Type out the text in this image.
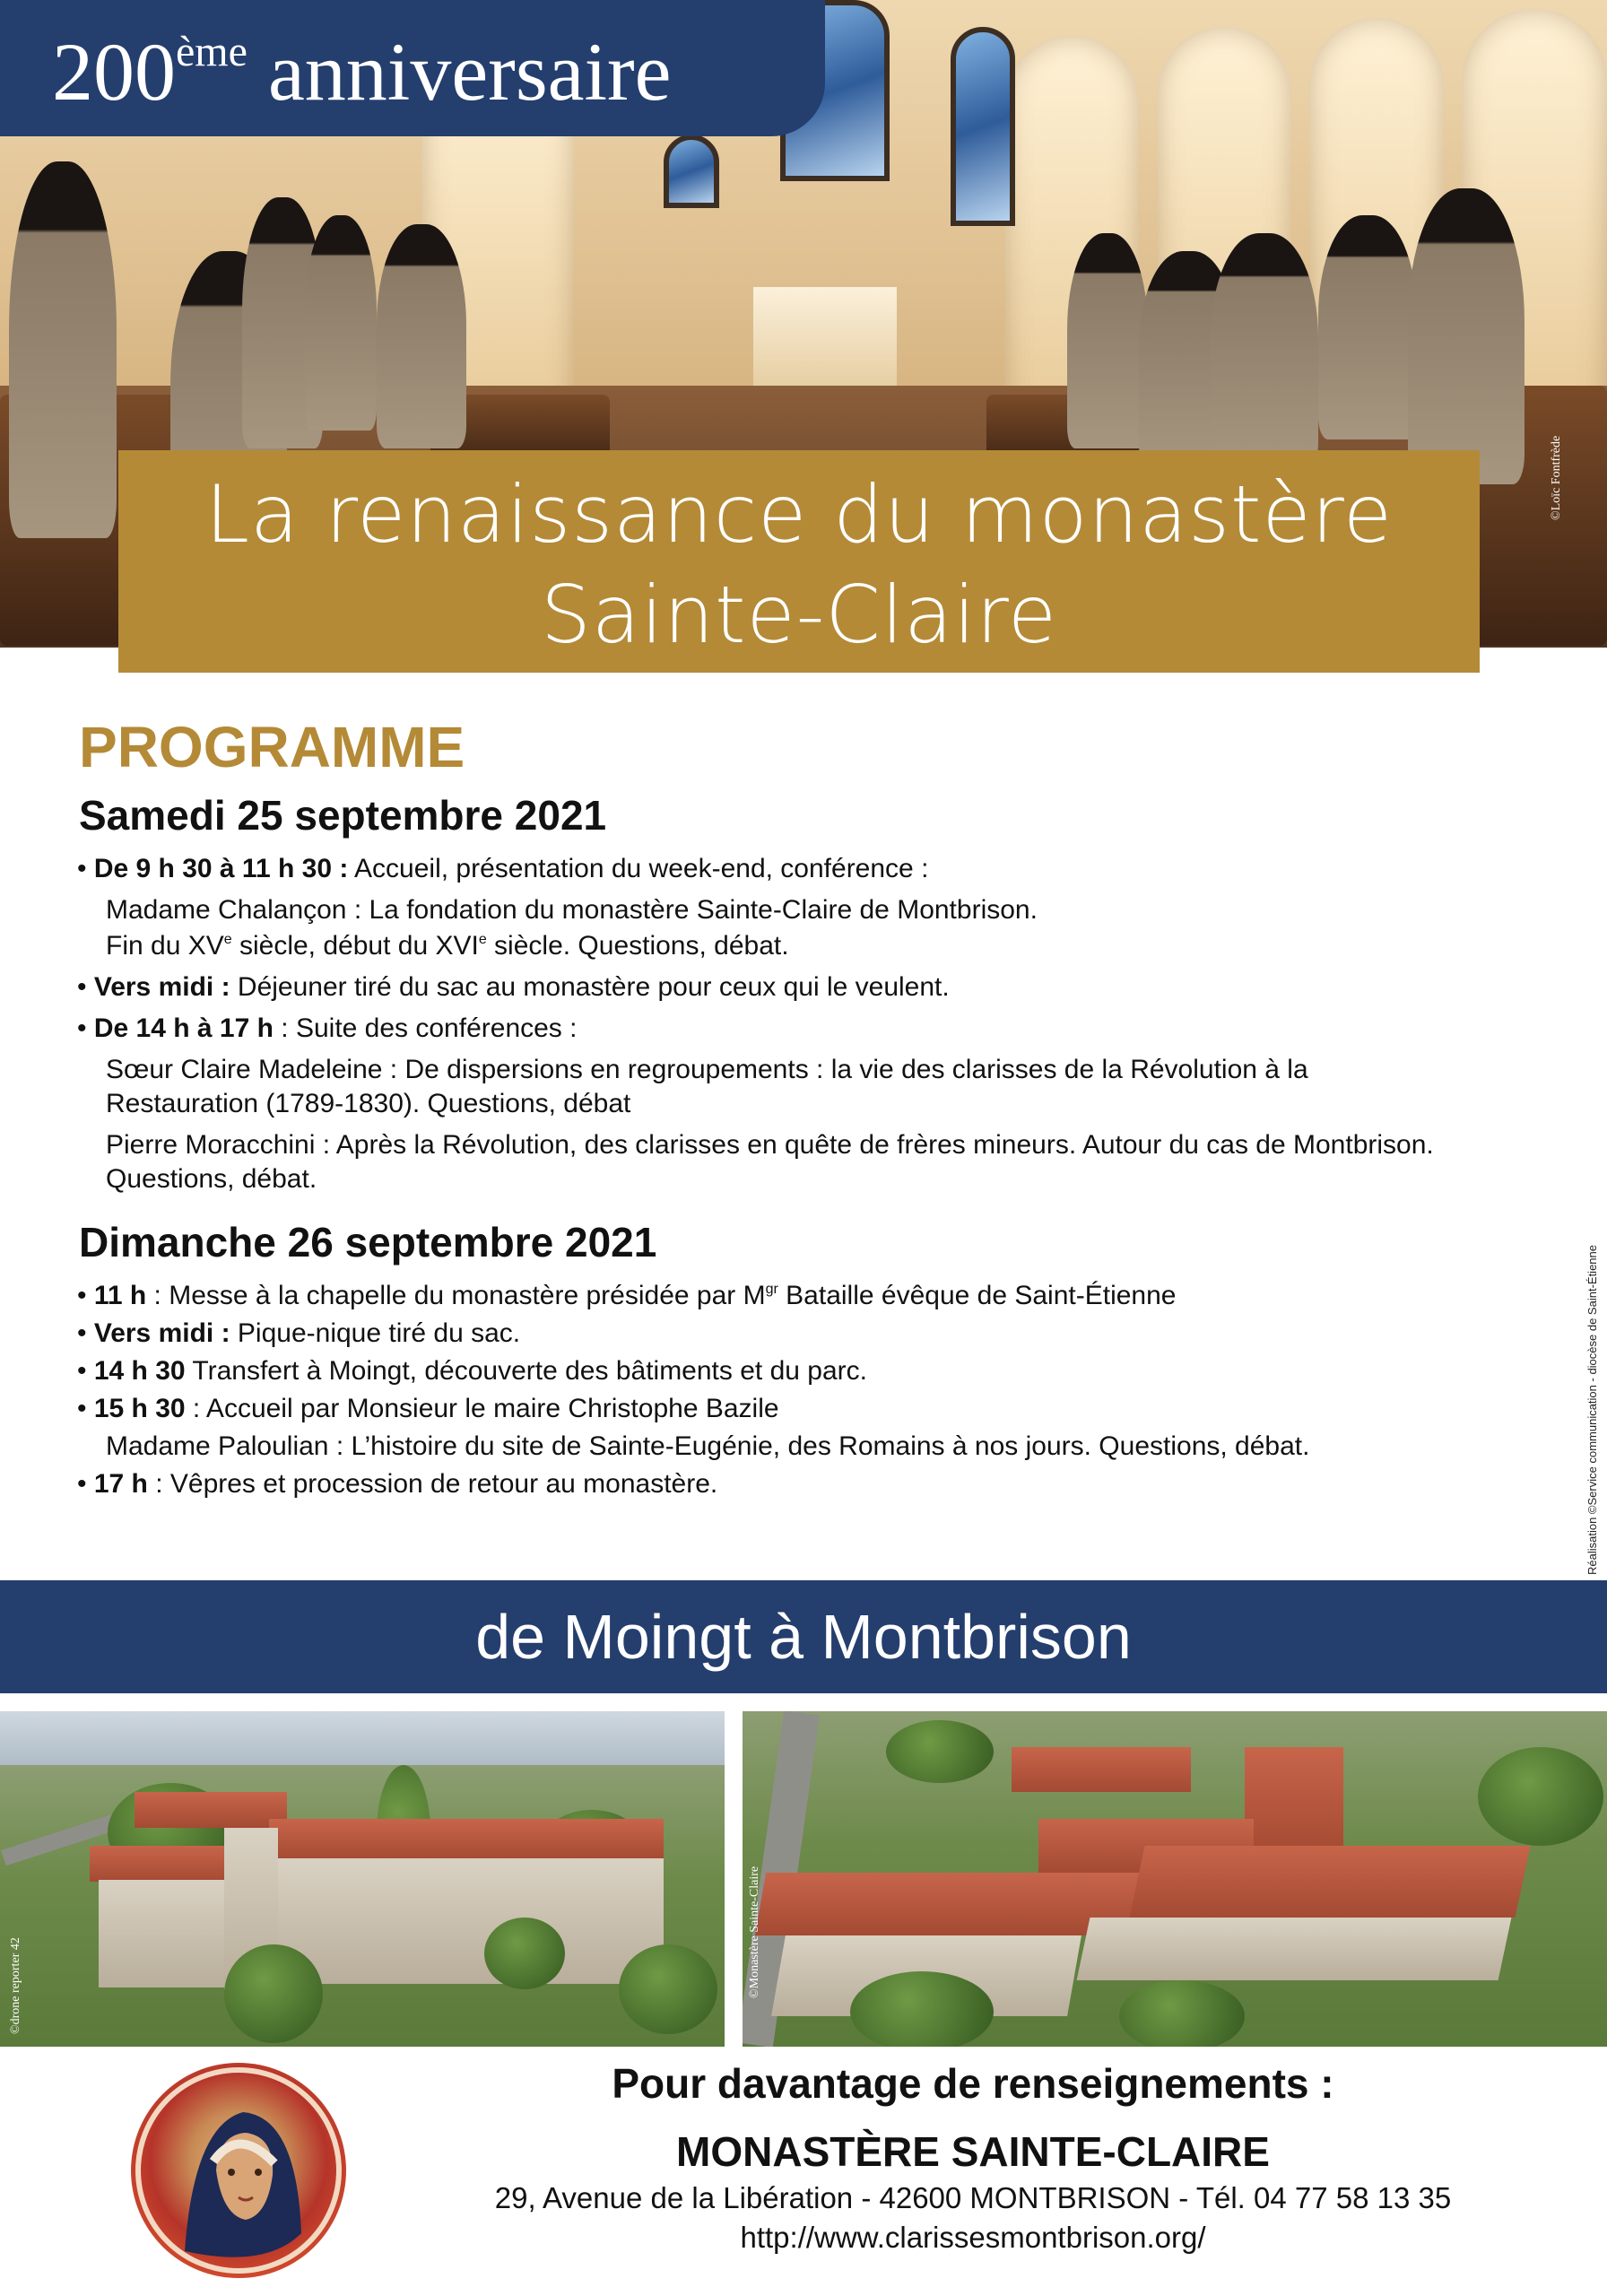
200ème anniversaire
La renaissance du monastère
Sainte-Claire
©Loïc Fontfrède
PROGRAMME
Samedi 25 septembre 2021
• De 9 h 30 à 11 h 30 : Accueil, présentation du week-end, conférence :
Madame Chalançon : La fondation du monastère Sainte-Claire de Montbrison.
Fin du XVe siècle, début du XVIe siècle. Questions, débat.
• Vers midi : Déjeuner tiré du sac au monastère pour ceux qui le veulent.
• De 14 h à 17 h : Suite des conférences :
Sœur Claire Madeleine : De dispersions en regroupements : la vie des clarisses de la Révolution à la
Restauration (1789-1830). Questions, débat
Pierre Moracchini : Après la Révolution, des clarisses en quête de frères mineurs. Autour du cas de Montbrison.
Questions, débat.
Dimanche 26 septembre 2021
• 11 h : Messe à la chapelle du monastère présidée par $M^{gr}$ Bataille évêque de Saint-Étienne
• Vers midi : Pique-nique tiré du sac.
• 14 h 30 Transfert à Moingt, découverte des bâtiments et du parc.
• 15 h 30 : Accueil par Monsieur le maire Christophe Bazile
Madame Paloulian : L’histoire du site de Sainte-Eugénie, des Romains à nos jours. Questions, débat.
• 17 h : Vêpres et procession de retour au monastère.	Réalisation ©Service communication - diocèse de Saint-Étienne
de Moingt à Montbrison
©drone reporter 42	©Monastère Sainte-Claire
Pour davantage de renseignements :
MONASTÈRE SAINTE-CLAIRE
29, Avenue de la Libération - 42600 MONTBRISON - Tél. 04 77 58 13 35
http://www.clarissesmontbrison.org/
